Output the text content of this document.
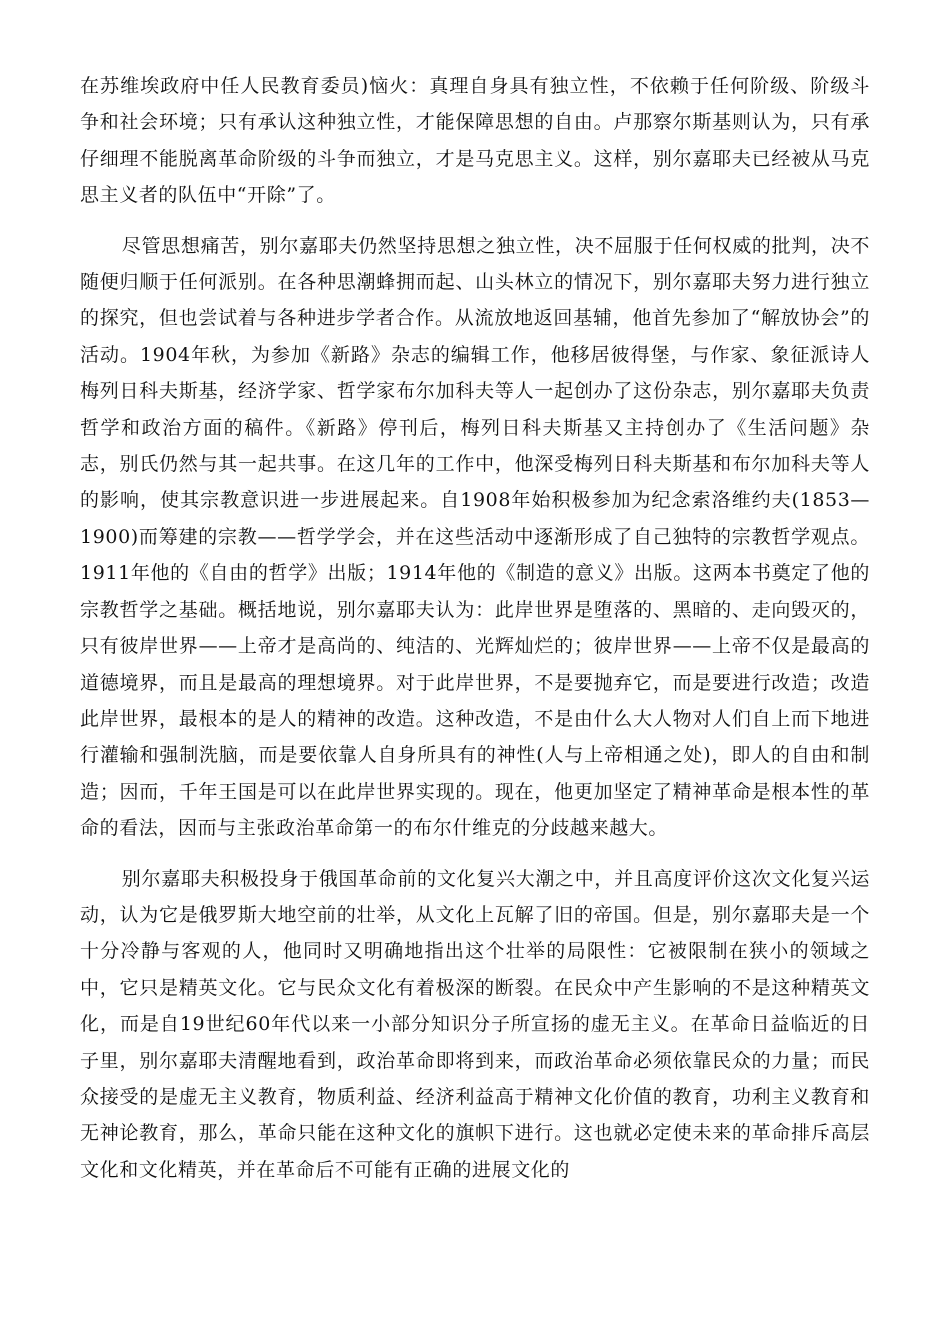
在苏维埃政府中任人民教育委员)恼火：真理自身具有独立性，不依赖于任何阶级、阶级斗争和社会环境；只有承认这种独立性，才能保障思想的自由。卢那察尔斯基则认为，只有承仔细理不能脱离革命阶级的斗争而独立，才是马克思主义。这样，别尔嘉耶夫已经被从马克思主义者的队伍中“开除”了。

尽管思想痛苦，别尔嘉耶夫仍然坚持思想之独立性，决不屈服于任何权威的批判，决不随便归顺于任何派别。在各种思潮蜂拥而起、山头林立的情况下，别尔嘉耶夫努力进行独立的探究，但也尝试着与各种进步学者合作。从流放地返回基辅，他首先参加了“解放协会”的活动。1904年秋，为参加《新路》杂志的编辑工作，他移居彼得堡，与作家、象征派诗人梅列日科夫斯基，经济学家、哲学家布尔加科夫等人一起创办了这份杂志，别尔嘉耶夫负责哲学和政治方面的稿件。《新路》停刊后，梅列日科夫斯基又主持创办了《生活问题》杂志，别氏仍然与其一起共事。在这几年的工作中，他深受梅列日科夫斯基和布尔加科夫等人的影响，使其宗教意识进一步进展起来。自1908年始积极参加为纪念索洛维约夫(1853—1900)而筹建的宗教——哲学学会，并在这些活动中逐渐形成了自己独特的宗教哲学观点。1911年他的《自由的哲学》出版；1914年他的《制造的意义》出版。这两本书奠定了他的宗教哲学之基础。概括地说，别尔嘉耶夫认为：此岸世界是堕落的、黑暗的、走向毁灭的，只有彼岸世界——上帝才是高尚的、纯洁的、光辉灿烂的；彼岸世界——上帝不仅是最高的道德境界，而且是最高的理想境界。对于此岸世界，不是要抛弃它，而是要进行改造；改造此岸世界，最根本的是人的精神的改造。这种改造，不是由什么大人物对人们自上而下地进行灌输和强制洗脑，而是要依靠人自身所具有的神性(人与上帝相通之处)，即人的自由和制造；因而，千年王国是可以在此岸世界实现的。现在，他更加坚定了精神革命是根本性的革命的看法，因而与主张政治革命第一的布尔什维克的分歧越来越大。

别尔嘉耶夫积极投身于俄国革命前的文化复兴大潮之中，并且高度评价这次文化复兴运动，认为它是俄罗斯大地空前的壮举，从文化上瓦解了旧的帝国。但是，别尔嘉耶夫是一个十分冷静与客观的人，他同时又明确地指出这个壮举的局限性：它被限制在狭小的领域之中，它只是精英文化。它与民众文化有着极深的断裂。在民众中产生影响的不是这种精英文化，而是自19世纪60年代以来一小部分知识分子所宣扬的虚无主义。在革命日益临近的日子里，别尔嘉耶夫清醒地看到，政治革命即将到来，而政治革命必须依靠民众的力量；而民众接受的是虚无主义教育，物质利益、经济利益高于精神文化价值的教育，功利主义教育和无神论教育，那么，革命只能在这种文化的旗帜下进行。这也就必定使未来的革命排斥高层文化和文化精英，并在革命后不可能有正确的进展文化的
